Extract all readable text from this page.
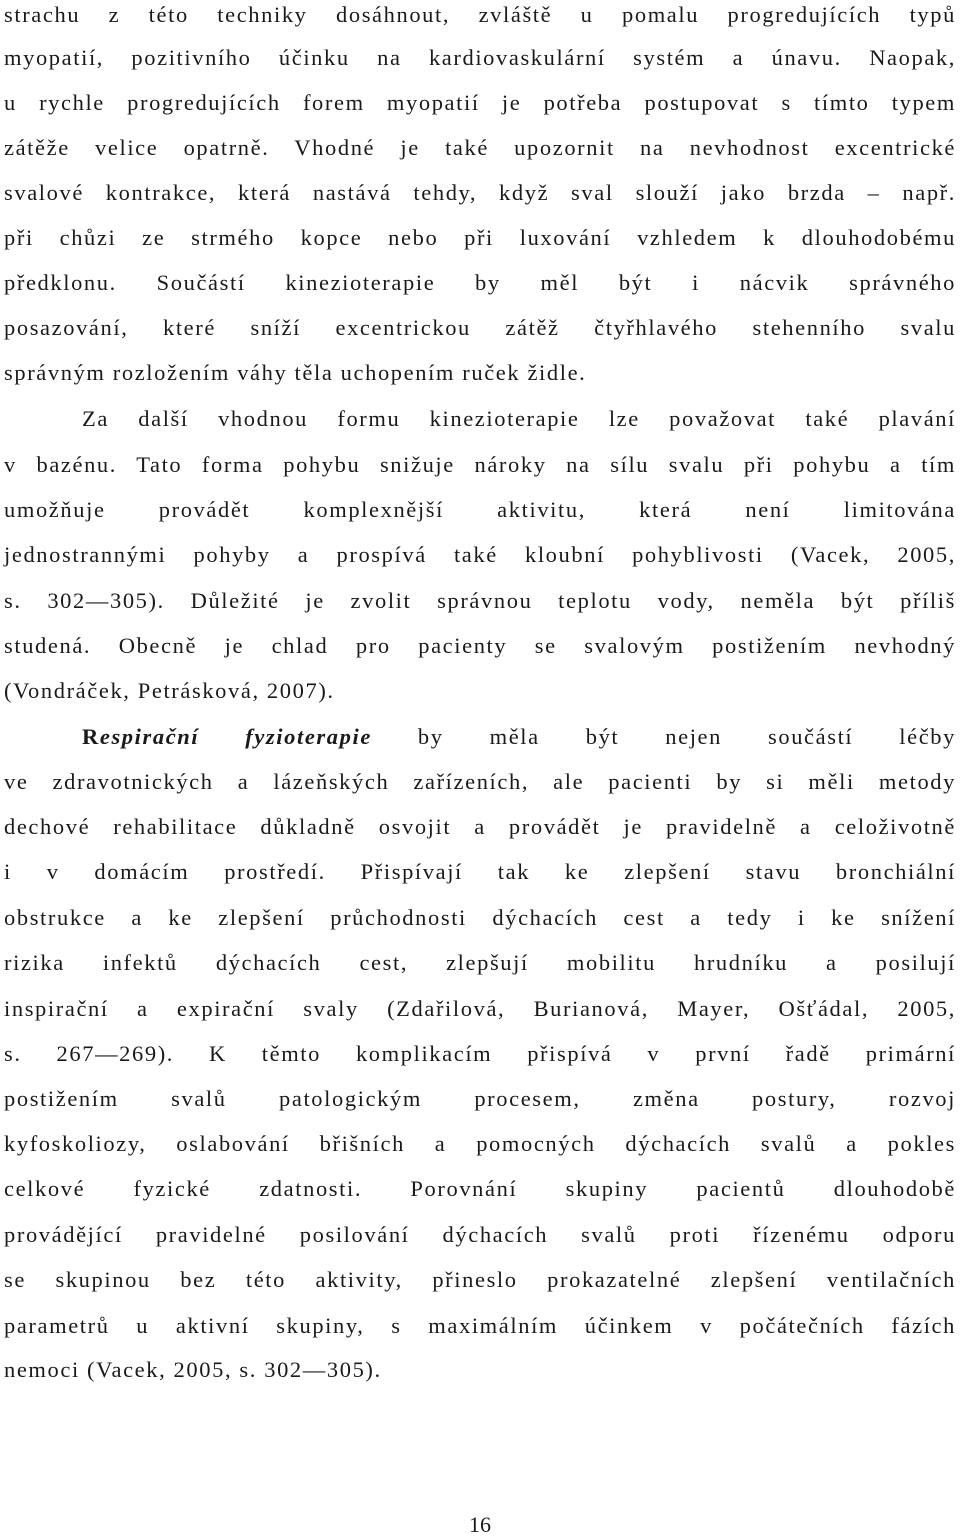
strachu z této techniky dosáhnout, zvláště u pomalu progredujících typů
myopatií, pozitivního účinku na kardiovaskulární systém a únavu. Naopak,
u rychle progredujících forem myopatií je potřeba postupovat s tímto typem
zátěže velice opatrně. Vhodné je také upozornit na nevhodnost excentrické
svalové kontrakce, která nastává tehdy, když sval slouží jako brzda – např.
při chůzi ze strmého kopce nebo při luxování vzhledem k dlouhodobému
předklonu. Součástí kinezioterapie by měl být i nácvik správného
posazování, které sníží excentrickou zátěž čtyřhlavého stehenního svalu
správným rozložením váhy těla uchopením ruček židle.
Za další vhodnou formu kinezioterapie lze považovat také plavání
v bazénu. Tato forma pohybu snižuje nároky na sílu svalu při pohybu a tím
umožňuje provádět komplexnější aktivitu, která není limitována
jednostrannými pohyby a prospívá také kloubní pohyblivosti (Vacek, 2005,
s. 302―305). Důležité je zvolit správnou teplotu vody, neměla být příliš
studená. Obecně je chlad pro pacienty se svalovým postižením nevhodný
(Vondráček, Petrásková, 2007).
Respirační fyzioterapie by měla být nejen součástí léčby
ve zdravotnických a lázeňských zařízeních, ale pacienti by si měli metody
dechové rehabilitace důkladně osvojit a provádět je pravidelně a celoživotně
i v domácím prostředí. Přispívají tak ke zlepšení stavu bronchiální
obstrukce a ke zlepšení průchodnosti dýchacích cest a tedy i ke snížení
rizika infektů dýchacích cest, zlepšují mobilitu hrudníku a posilují
inspirační a expirační svaly (Zdařilová, Burianová, Mayer, Ošťádal, 2005,
s. 267―269). K těmto komplikacím přispívá v první řadě primární
postižením svalů patologickým procesem, změna postury, rozvoj
kyfoskoliozy, oslabování břišních a pomocných dýchacích svalů a pokles
celkové fyzické zdatnosti. Porovnání skupiny pacientů dlouhodobě
provádějící pravidelné posilování dýchacích svalů proti řízenému odporu
se skupinou bez této aktivity, přineslo prokazatelné zlepšení ventilačních
parametrů u aktivní skupiny, s maximálním účinkem v počátečních fázích
nemoci (Vacek, 2005, s. 302―305).
16
